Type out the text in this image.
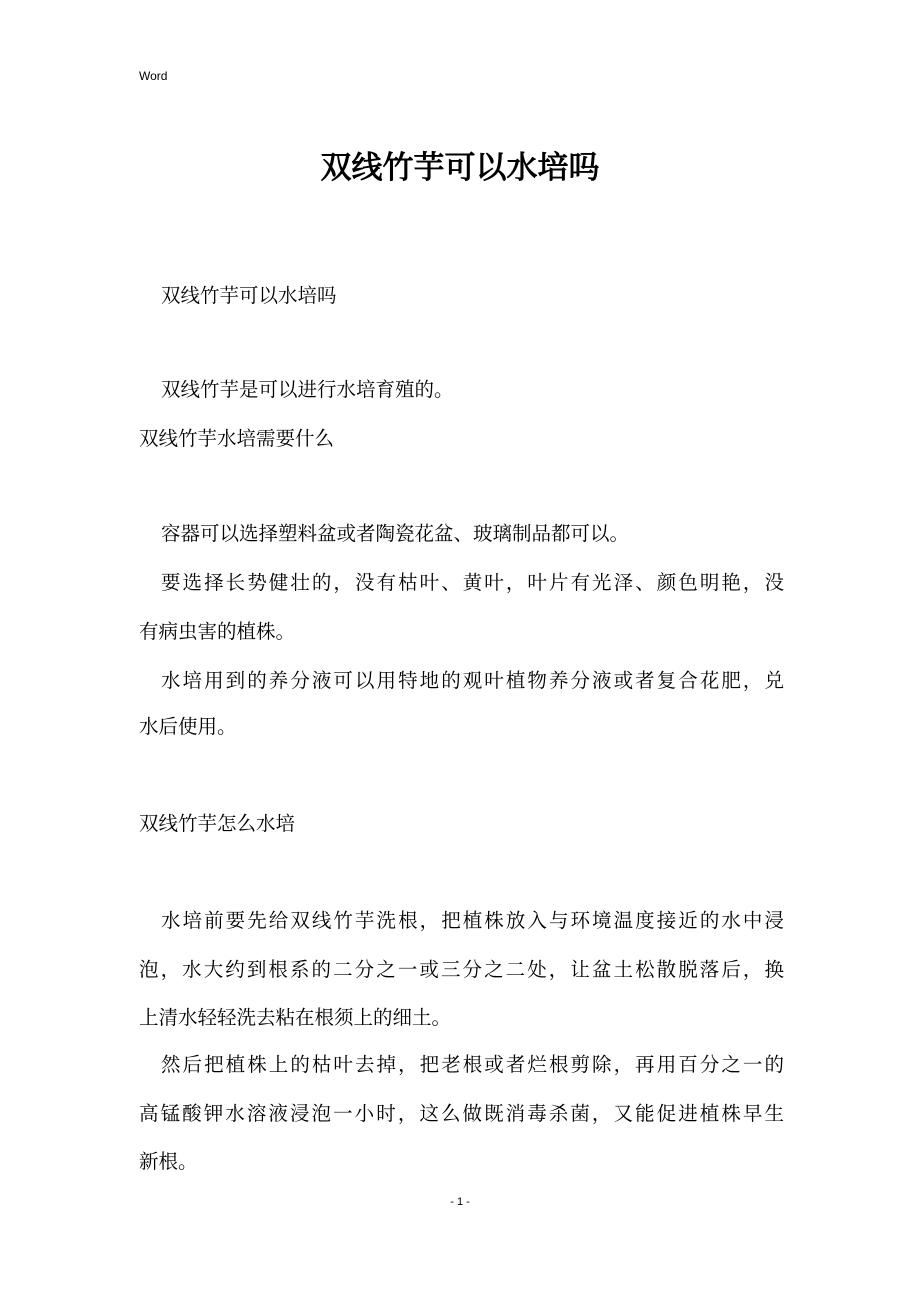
Word
双线竹芋可以水培吗

双线竹芋可以水培吗

双线竹芋是可以进行水培育殖的。

双线竹芋水培需要什么

容器可以选择塑料盆或者陶瓷花盆、玻璃制品都可以。

要选择长势健壮的，没有枯叶、黄叶，叶片有光泽、颜色明艳，没

有病虫害的植株。

水培用到的养分液可以用特地的观叶植物养分液或者复合花肥，兑

水后使用。

双线竹芋怎么水培

水培前要先给双线竹芋洗根，把植株放入与环境温度接近的水中浸

泡，水大约到根系的二分之一或三分之二处，让盆土松散脱落后，换

上清水轻轻洗去粘在根须上的细土。

然后把植株上的枯叶去掉，把老根或者烂根剪除，再用百分之一的

高锰酸钾水溶液浸泡一小时，这么做既消毒杀菌，又能促进植株早生

新根。

- 1 -
